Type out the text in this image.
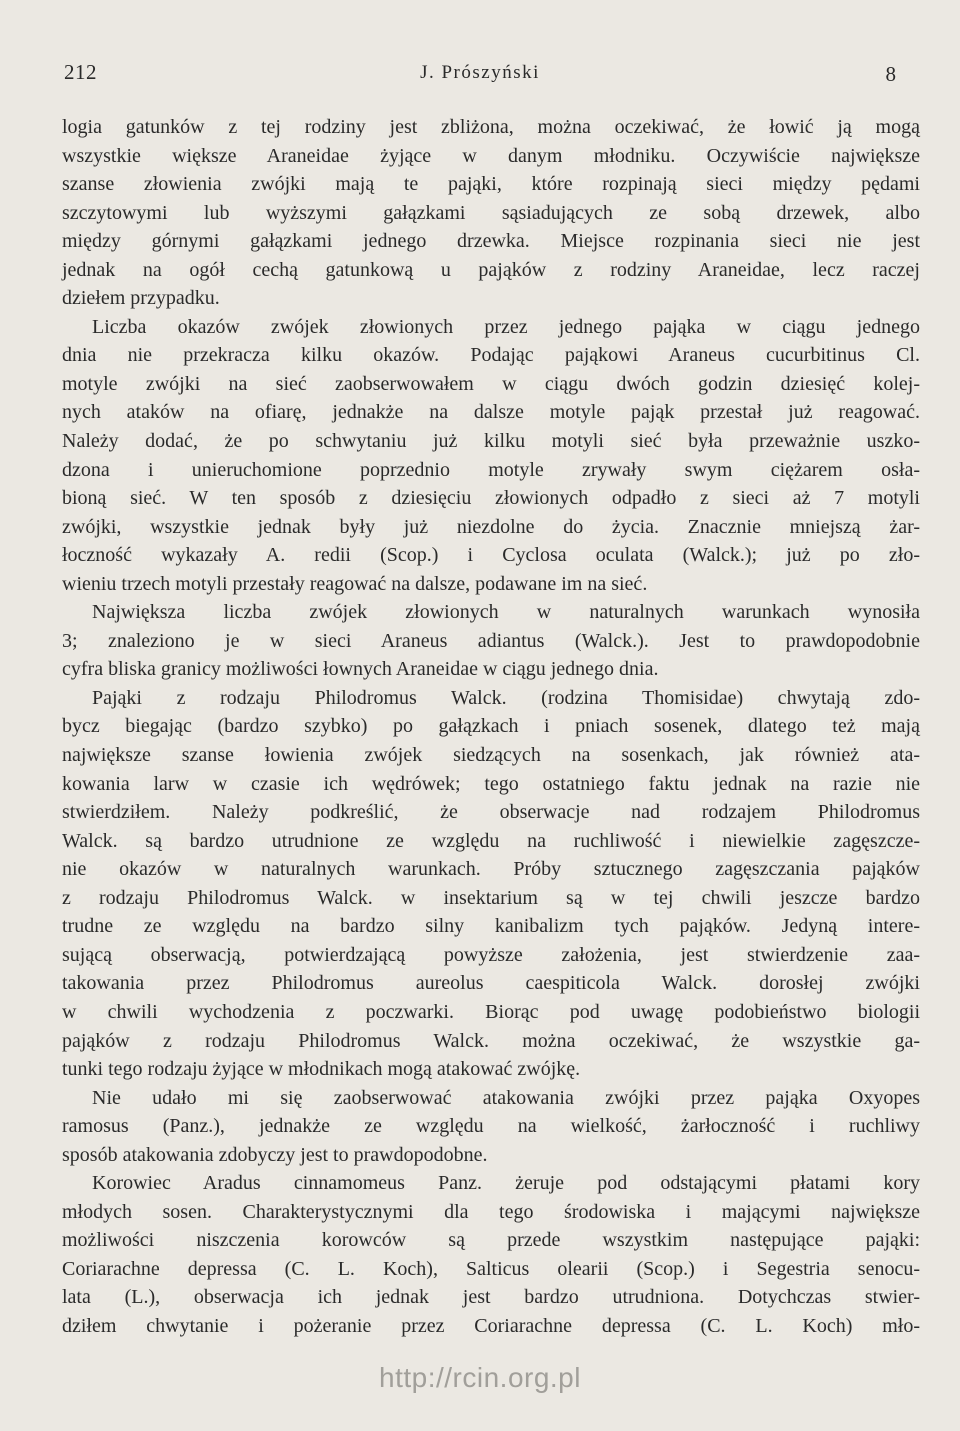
212	J. Prószyński	8
logia gatunków z tej rodziny jest zbliżona, można oczekiwać, że łowić ją mogą
wszystkie większe Araneidae żyjące w danym młodniku. Oczywiście największe
szanse złowienia zwójki mają te pająki, które rozpinają sieci między pędami
szczytowymi lub wyższymi gałązkami sąsiadujących ze sobą drzewek, albo
między górnymi gałązkami jednego drzewka. Miejsce rozpinania sieci nie jest
jednak na ogół cechą gatunkową u pająków z rodziny Araneidae, lecz raczej
dziełem przypadku.
Liczba okazów zwójek złowionych przez jednego pająka w ciągu jednego
dnia nie przekracza kilku okazów. Podając pająkowi Araneus cucurbitinus Cl.
motyle zwójki na sieć zaobserwowałem w ciągu dwóch godzin dziesięć kolej-
nych ataków na ofiarę, jednakże na dalsze motyle pająk przestał już reagować.
Należy dodać, że po schwytaniu już kilku motyli sieć była przeważnie uszko-
dzona i unieruchomione poprzednio motyle zrywały swym ciężarem osła-
bioną sieć. W ten sposób z dziesięciu złowionych odpadło z sieci aż 7 motyli
zwójki, wszystkie jednak były już niezdolne do życia. Znacznie mniejszą żar-
łoczność wykazały A. redii (Scop.) i Cyclosa oculata (Walck.); już po zło-
wieniu trzech motyli przestały reagować na dalsze, podawane im na sieć.
Największa liczba zwójek złowionych w naturalnych warunkach wynosiła
3; znaleziono je w sieci Araneus adiantus (Walck.). Jest to prawdopodobnie
cyfra bliska granicy możliwości łownych Araneidae w ciągu jednego dnia.
Pająki z rodzaju Philodromus Walck. (rodzina Thomisidae) chwytają zdo-
bycz biegając (bardzo szybko) po gałązkach i pniach sosenek, dlatego też mają
największe szanse łowienia zwójek siedzących na sosenkach, jak również ata-
kowania larw w czasie ich wędrówek; tego ostatniego faktu jednak na razie nie
stwierdziłem. Należy podkreślić, że obserwacje nad rodzajem Philodromus
Walck. są bardzo utrudnione ze względu na ruchliwość i niewielkie zagęszcze-
nie okazów w naturalnych warunkach. Próby sztucznego zagęszczania pająków
z rodzaju Philodromus Walck. w insektarium są w tej chwili jeszcze bardzo
trudne ze względu na bardzo silny kanibalizm tych pająków. Jedyną intere-
sującą obserwacją, potwierdzającą powyższe założenia, jest stwierdzenie zaa-
takowania przez Philodromus aureolus caespiticola Walck. dorosłej zwójki
w chwili wychodzenia z poczwarki. Biorąc pod uwagę podobieństwo biologii
pająków z rodzaju Philodromus Walck. można oczekiwać, że wszystkie ga-
tunki tego rodzaju żyjące w młodnikach mogą atakować zwójkę.
Nie udało mi się zaobserwować atakowania zwójki przez pająka Oxyopes
ramosus (Panz.), jednakże ze względu na wielkość, żarłoczność i ruchliwy
sposób atakowania zdobyczy jest to prawdopodobne.
Korowiec Aradus cinnamomeus Panz. żeruje pod odstającymi płatami kory
młodych sosen. Charakterystycznymi dla tego środowiska i mającymi największe
możliwości niszczenia korowców są przede wszystkim następujące pająki:
Coriarachne depressa (C. L. Koch), Salticus olearii (Scop.) i Segestria senocu-
lata (L.), obserwacja ich jednak jest bardzo utrudniona. Dotychczas stwier-
dziłem chwytanie i pożeranie przez Coriarachne depressa (C. L. Koch) mło-
http://rcin.org.pl
